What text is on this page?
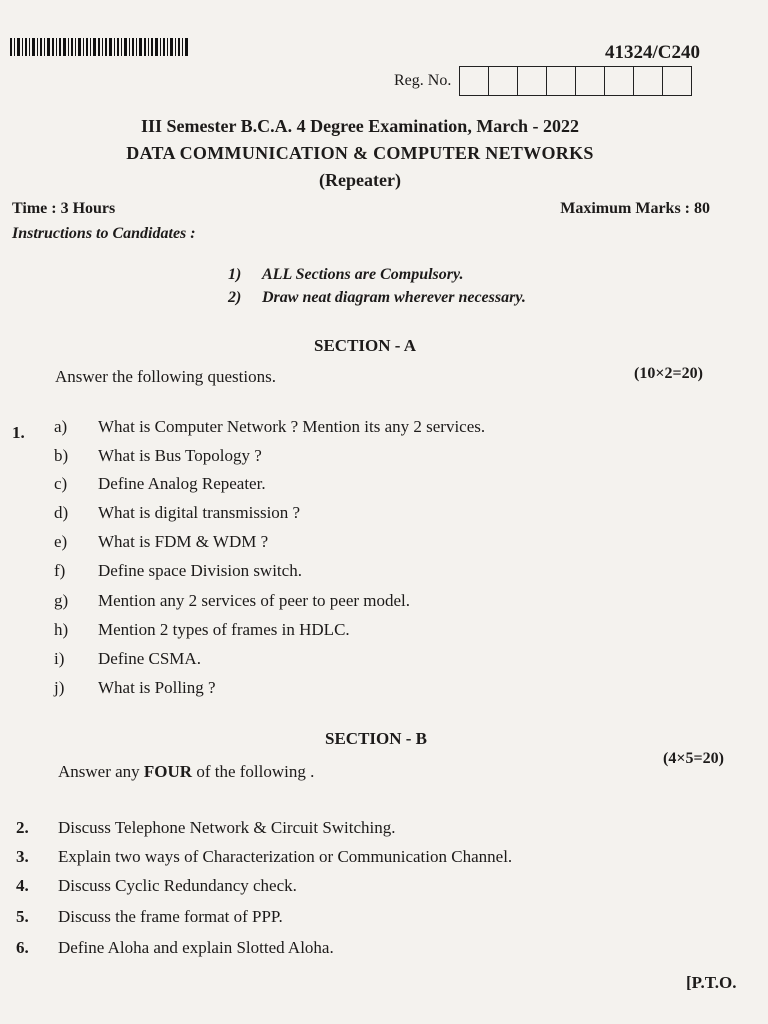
41324/C240
Reg. No.
III Semester B.C.A. 4 Degree Examination, March - 2022
DATA COMMUNICATION & COMPUTER NETWORKS
(Repeater)
Time : 3 Hours	Maximum Marks : 80
Instructions to Candidates :
1)	ALL Sections are Compulsory.
2)	Draw neat diagram wherever necessary.
SECTION - A
Answer the following questions.	(10×2=20)
1. a)	What is Computer Network ? Mention its any 2 services.
b)	What is Bus Topology ?
c)	Define Analog Repeater.
d)	What is digital transmission ?
e)	What is FDM & WDM ?
f)	Define space Division switch.
g)	Mention any 2 services of peer to peer model.
h)	Mention 2 types of frames in HDLC.
i)	Define CSMA.
j)	What is Polling ?
SECTION - B
Answer any FOUR of the following .
(4×5=20)
2.	Discuss Telephone Network & Circuit Switching.
3.	Explain two ways of Characterization or Communication Channel.
4.	Discuss Cyclic Redundancy check.
5.	Discuss the frame format of PPP.
6.	Define Aloha and explain Slotted Aloha.
[P.T.O.
